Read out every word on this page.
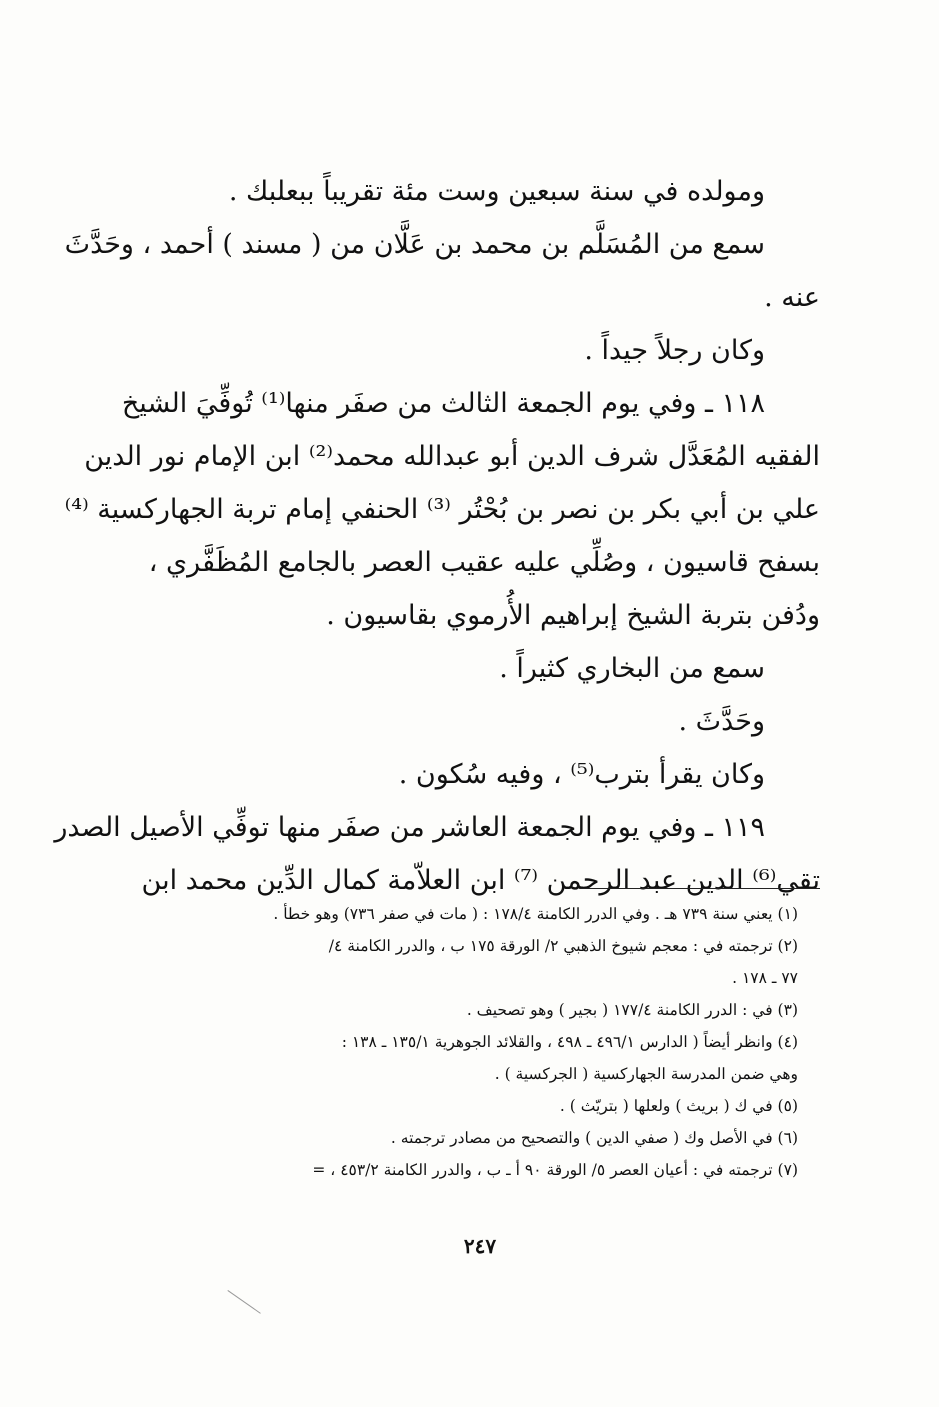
ومولده في سنة سبعين وست مئة تقريباً ببعلبك .
سمع من المُسَلَّم بن محمد بن عَلَّان من ( مسند ) أحمد ، وحَدَّثَ
عنه .
وكان رجلاً جيداً .
١١٨ ـ وفي يوم الجمعة الثالث من صفَر منها⁽¹⁾ تُوفِّيَ الشيخ
الفقيه المُعَدَّل شرف الدين أبو عبدالله محمد⁽²⁾ ابن الإمام نور الدين
علي بن أبي بكر بن نصر بن بُحْتُر ⁽³⁾ الحنفي إمام تربة الجهاركسية ⁽⁴⁾
بسفح قاسيون ، وصُلِّي عليه عقيب العصر بالجامع المُظَفَّري ،
ودُفن بتربة الشيخ إبراهيم الأُرموي بقاسيون .
سمع من البخاري كثيراً .
وحَدَّثَ .
وكان يقرأ بترب⁽⁵⁾ ، وفيه سُكون .
١١٩ ـ وفي يوم الجمعة العاشر من صفَر منها توفِّي الأصيل الصدر
تقي⁽⁶⁾ الدين عبد الرحمن ⁽⁷⁾ ابن العلاّمة كمال الدِّين محمد ابن
(١) يعني سنة ٧٣٩ هـ . وفي الدرر الكامنة ١٧٨/٤ : ( مات في صفر ٧٣٦) وهو خطأ .
(٢) ترجمته في : معجم شيوخ الذهبي ٢/ الورقة ١٧٥ ب ، والدرر الكامنة ٤/
٧٧ ـ ١٧٨ .
(٣) في : الدرر الكامنة ١٧٧/٤ ( بجير ) وهو تصحيف .
(٤) وانظر أيضاً ( الدارس ٤٩٦/١ ـ ٤٩٨ ، والقلائد الجوهرية ١٣٥/١ ـ ١٣٨ :
وهي ضمن المدرسة الجهاركسية ( الجركسية ) .
(٥) في ك ( بريث ) ولعلها ( بتريّث ) .
(٦) في الأصل وك ( صفي الدين ) والتصحيح من مصادر ترجمته .
(٧) ترجمته في : أعيان العصر ٥/ الورقة ٩٠ أ ـ ب ، والدرر الكامنة ٤٥٣/٢ ، =
٢٤٧
